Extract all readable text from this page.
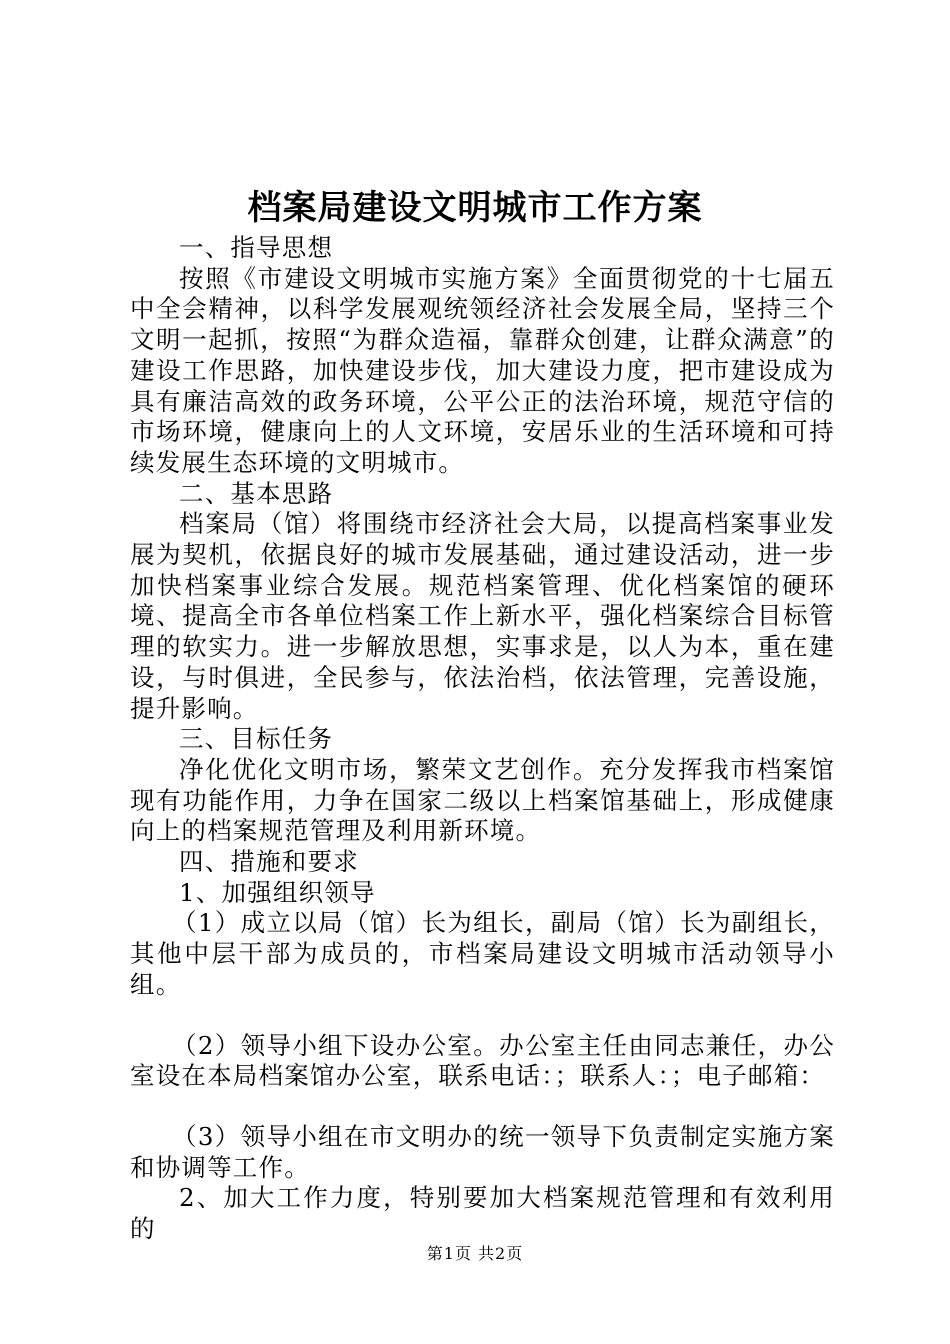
档案局建设文明城市工作方案

一、指导思想

按照《市建设文明城市实施方案》全面贯彻党的十七届五中全会精神，以科学发展观统领经济社会发展全局，坚持三个文明一起抓，按照“为群众造福，靠群众创建，让群众满意”的建设工作思路，加快建设步伐，加大建设力度，把市建设成为具有廉洁高效的政务环境，公平公正的法治环境，规范守信的市场环境，健康向上的人文环境，安居乐业的生活环境和可持续发展生态环境的文明城市。

二、基本思路

档案局（馆）将围绕市经济社会大局，以提高档案事业发展为契机，依据良好的城市发展基础，通过建设活动，进一步加快档案事业综合发展。规范档案管理、优化档案馆的硬环境、提高全市各单位档案工作上新水平，强化档案综合目标管理的软实力。进一步解放思想，实事求是，以人为本，重在建设，与时俱进，全民参与，依法治档，依法管理，完善设施，提升影响。

三、目标任务

净化优化文明市场，繁荣文艺创作。充分发挥我市档案馆现有功能作用，力争在国家二级以上档案馆基础上，形成健康向上的档案规范管理及利用新环境。

四、措施和要求

1、加强组织领导

（1）成立以局（馆）长为组长，副局（馆）长为副组长，其他中层干部为成员的，市档案局建设文明城市活动领导小组。

（2）领导小组下设办公室。办公室主任由同志兼任，办公室设在本局档案馆办公室，联系电话：；联系人：；电子邮箱：

（3）领导小组在市文明办的统一领导下负责制定实施方案和协调等工作。

2、加大工作力度，特别要加大档案规范管理和有效利用的

第1页 共2页
